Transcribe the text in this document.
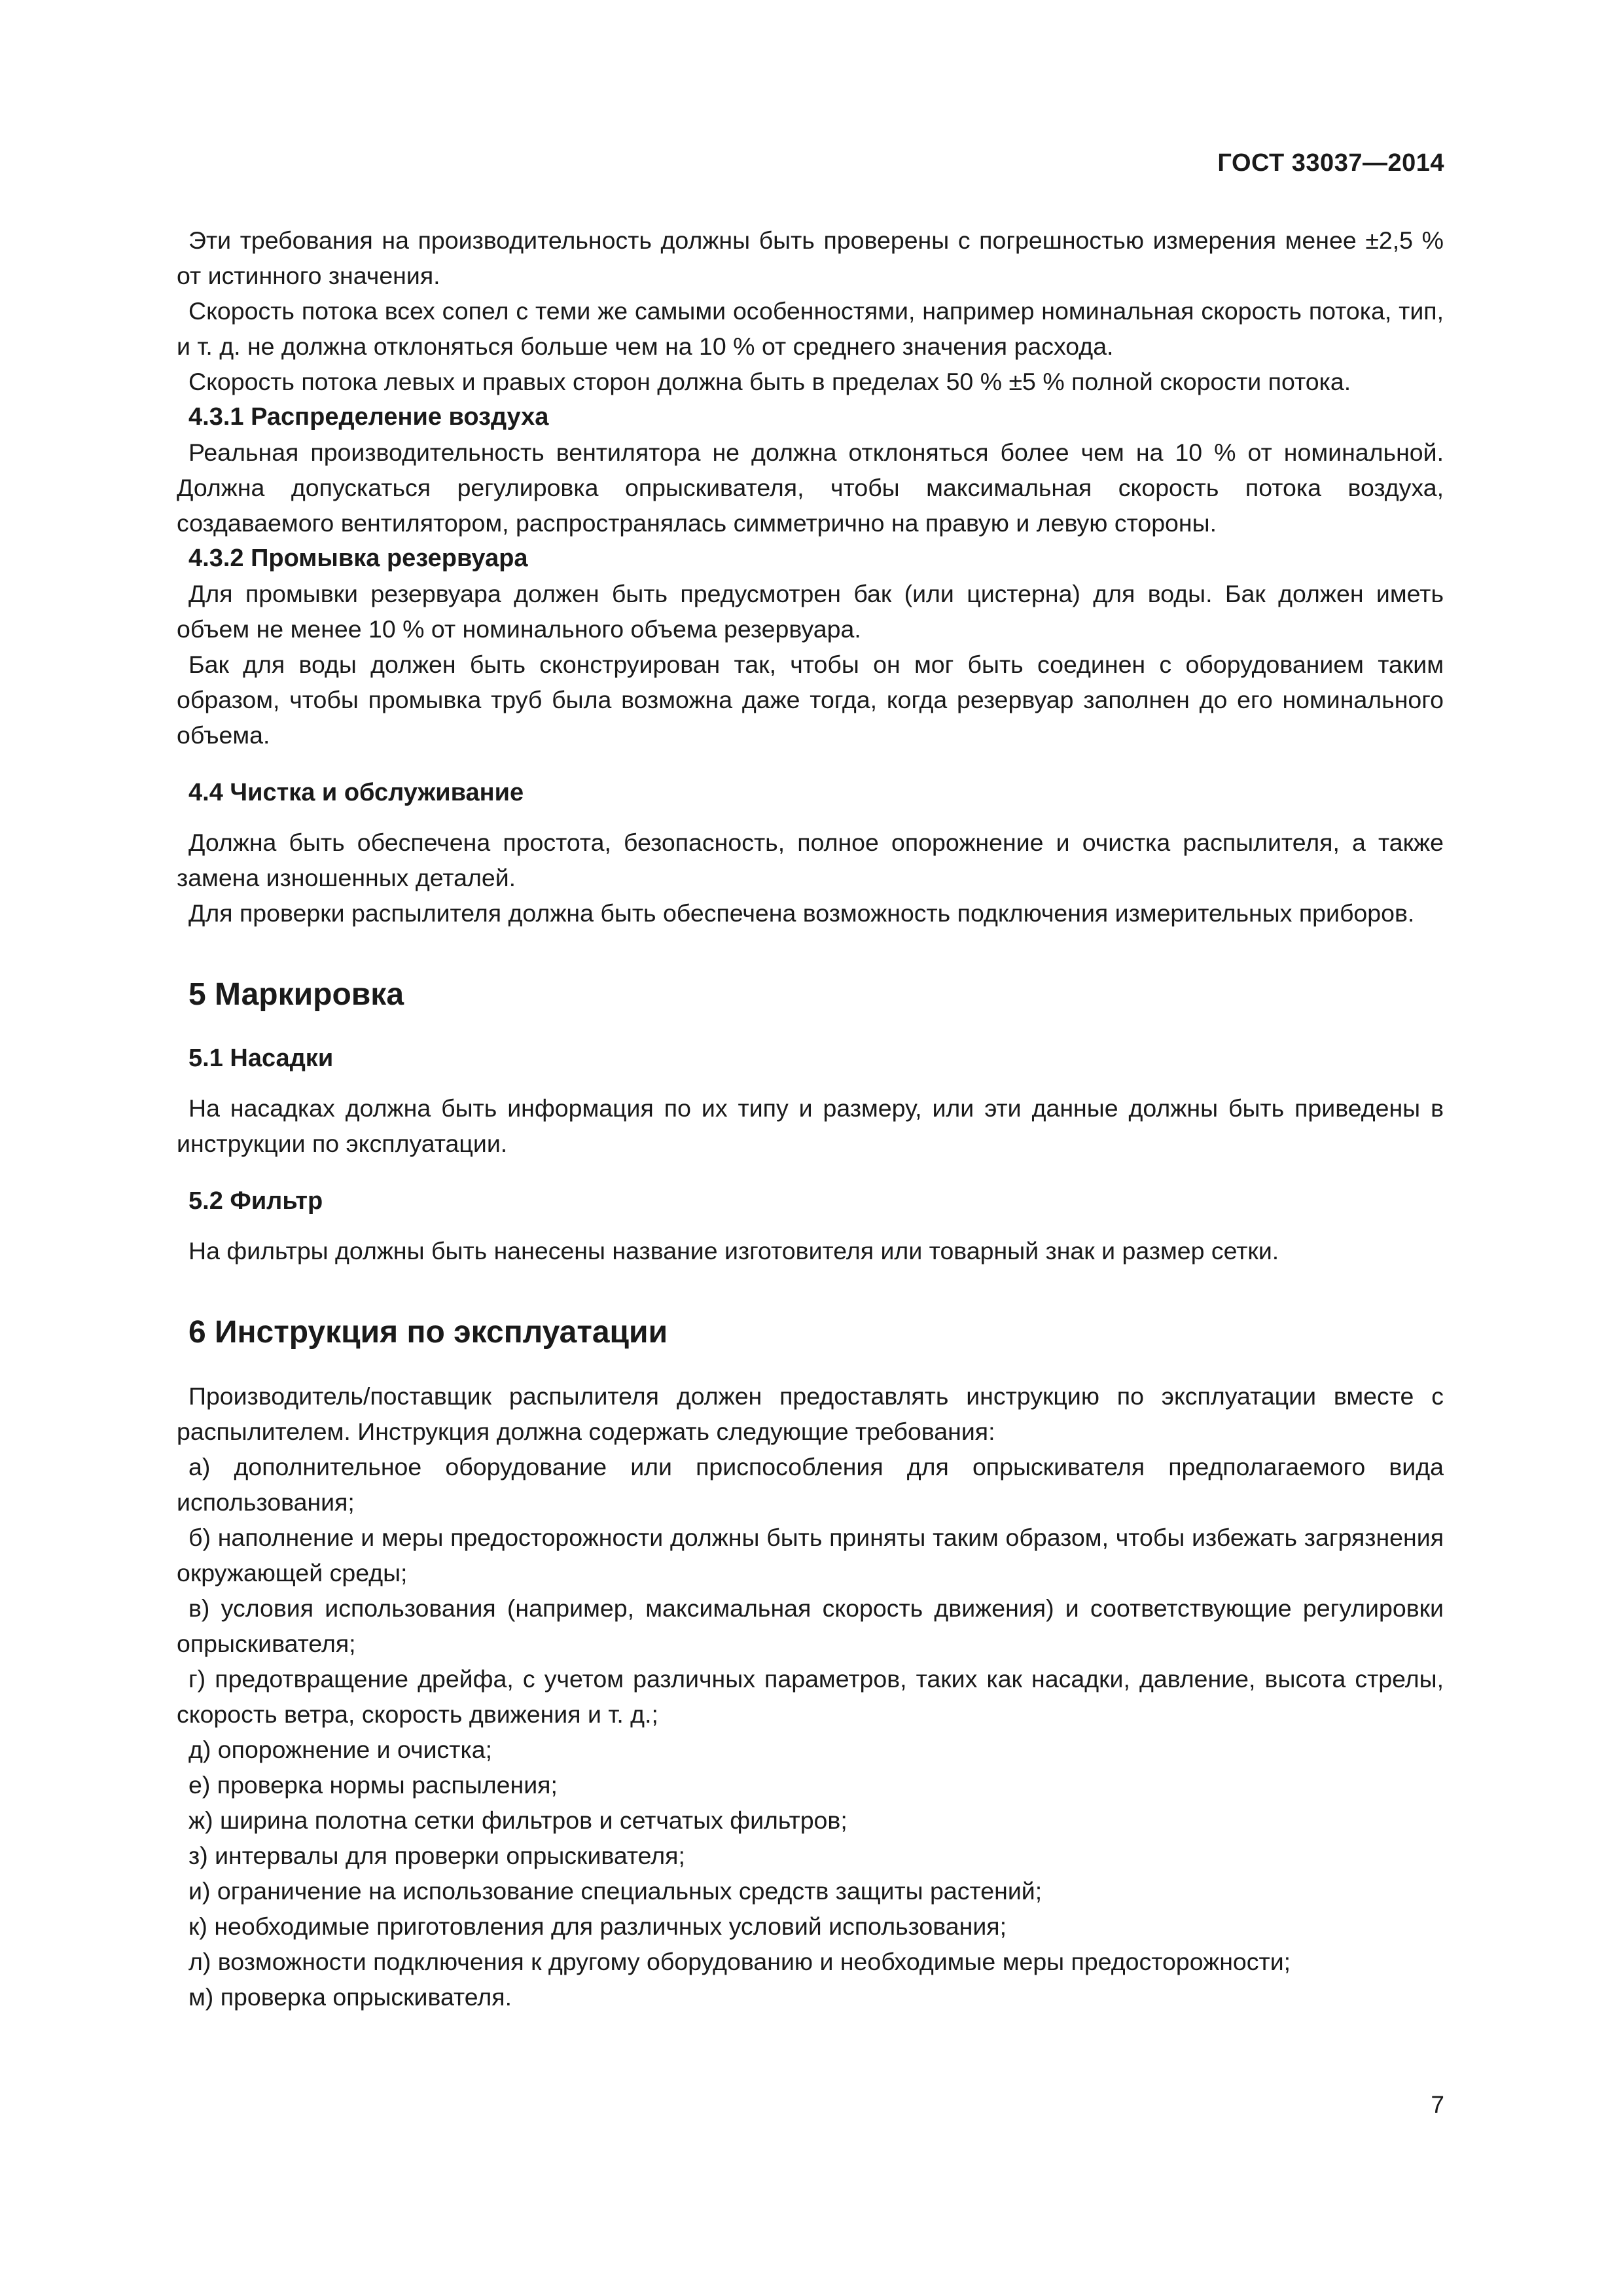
ГОСТ 33037—2014

Эти требования на производительность должны быть проверены с погрешностью измерения менее ±2,5 % от истинного значения.

Скорость потока всех сопел с теми же самыми особенностями, например номинальная скорость потока, тип, и т. д. не должна отклоняться больше чем на 10 % от среднего значения расхода.

Скорость потока левых и правых сторон должна быть в пределах 50 % ±5 % полной скорости потока.

4.3.1 Распределение воздуха

Реальная производительность вентилятора не должна отклоняться более чем на 10 % от номинальной. Должна допускаться регулировка опрыскивателя, чтобы максимальная скорость потока воздуха, создаваемого вентилятором, распространялась симметрично на правую и левую стороны.

4.3.2 Промывка резервуара

Для промывки резервуара должен быть предусмотрен бак (или цистерна) для воды. Бак должен иметь объем не менее 10 % от номинального объема резервуара.

Бак для воды должен быть сконструирован так, чтобы он мог быть соединен с оборудованием таким образом, чтобы промывка труб была возможна даже тогда, когда резервуар заполнен до его номинального объема.

4.4 Чистка и обслуживание

Должна быть обеспечена простота, безопасность, полное опорожнение и очистка распылителя, а также замена изношенных деталей.

Для проверки распылителя должна быть обеспечена возможность подключения измерительных приборов.

5 Маркировка
5.1 Насадки

На насадках должна быть информация по их типу и размеру, или эти данные должны быть приведены в инструкции по эксплуатации.

5.2 Фильтр

На фильтры должны быть нанесены название изготовителя или товарный знак и размер сетки.

6 Инструкция по эксплуатации

Производитель/поставщик распылителя должен предоставлять инструкцию по эксплуатации вместе с распылителем. Инструкция должна содержать следующие требования:

а) дополнительное оборудование или приспособления для опрыскивателя предполагаемого вида использования;

б) наполнение и меры предосторожности должны быть приняты таким образом, чтобы избежать загрязнения окружающей среды;

в) условия использования (например, максимальная скорость движения) и соответствующие регулировки опрыскивателя;

г) предотвращение дрейфа, с учетом различных параметров, таких как насадки, давление, высота стрелы, скорость ветра, скорость движения и т. д.;

д) опорожнение и очистка;

е) проверка нормы распыления;

ж) ширина полотна сетки фильтров и сетчатых фильтров;

з) интервалы для проверки опрыскивателя;

и) ограничение на использование специальных средств защиты растений;

к) необходимые приготовления для различных условий использования;

л) возможности подключения к другому оборудованию и необходимые меры предосторожности;

м) проверка опрыскивателя.

7
